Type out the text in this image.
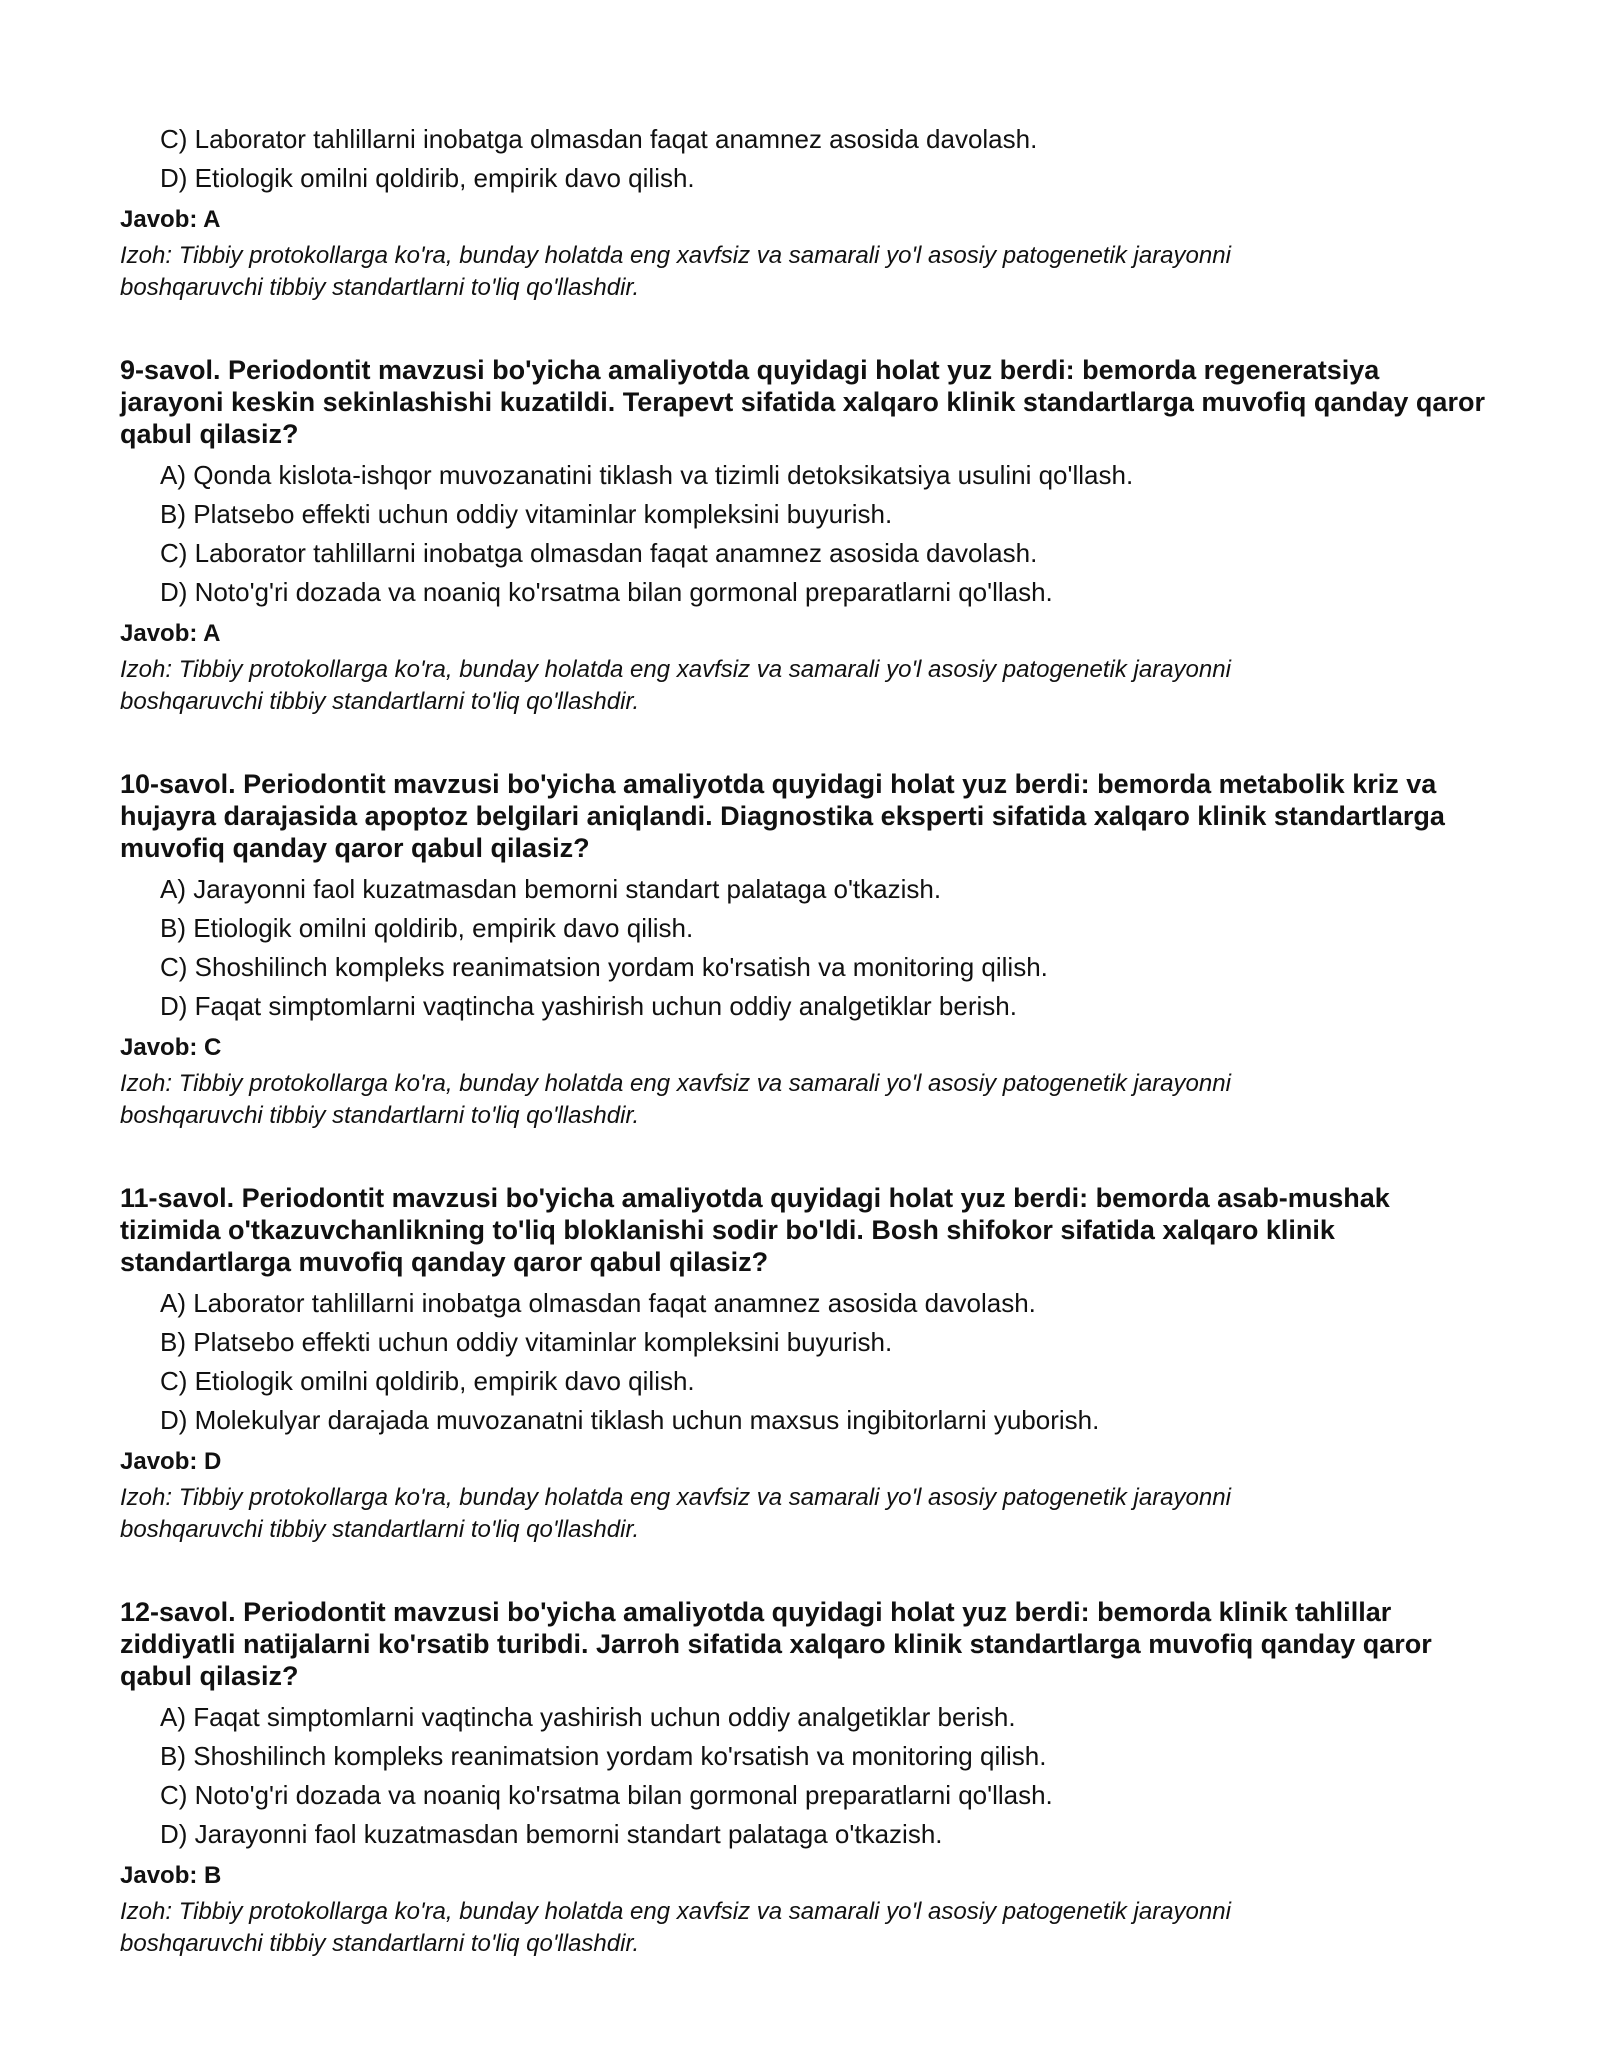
C) Laborator tahlillarni inobatga olmasdan faqat anamnez asosida davolash.
D) Etiologik omilni qoldirib, empirik davo qilish.
Javob: A
Izoh: Tibbiy protokollarga ko'ra, bunday holatda eng xavfsiz va samarali yo'l asosiy patogenetik jarayonni
boshqaruvchi tibbiy standartlarni to'liq qo'llashdir.

9-savol. Periodontit mavzusi bo'yicha amaliyotda quyidagi holat yuz berdi: bemorda regeneratsiya jarayoni keskin sekinlashishi kuzatildi. Terapevt sifatida xalqaro klinik standartlarga muvofiq qanday qaror qabul qilasiz?

A) Qonda kislota-ishqor muvozanatini tiklash va tizimli detoksikatsiya usulini qo'llash.
B) Platsebo effekti uchun oddiy vitaminlar kompleksini buyurish.
C) Laborator tahlillarni inobatga olmasdan faqat anamnez asosida davolash.
D) Noto'g'ri dozada va noaniq ko'rsatma bilan gormonal preparatlarni qo'llash.
Javob: A
Izoh: Tibbiy protokollarga ko'ra, bunday holatda eng xavfsiz va samarali yo'l asosiy patogenetik jarayonni
boshqaruvchi tibbiy standartlarni to'liq qo'llashdir.

10-savol. Periodontit mavzusi bo'yicha amaliyotda quyidagi holat yuz berdi: bemorda metabolik kriz va hujayra darajasida apoptoz belgilari aniqlandi. Diagnostika eksperti sifatida xalqaro klinik standartlarga muvofiq qanday qaror qabul qilasiz?

A) Jarayonni faol kuzatmasdan bemorni standart palataga o'tkazish.
B) Etiologik omilni qoldirib, empirik davo qilish.
C) Shoshilinch kompleks reanimatsion yordam ko'rsatish va monitoring qilish.
D) Faqat simptomlarni vaqtincha yashirish uchun oddiy analgetiklar berish.
Javob: C
Izoh: Tibbiy protokollarga ko'ra, bunday holatda eng xavfsiz va samarali yo'l asosiy patogenetik jarayonni
boshqaruvchi tibbiy standartlarni to'liq qo'llashdir.

11-savol. Periodontit mavzusi bo'yicha amaliyotda quyidagi holat yuz berdi: bemorda asab-mushak tizimida o'tkazuvchanlikning to'liq bloklanishi sodir bo'ldi. Bosh shifokor sifatida xalqaro klinik standartlarga muvofiq qanday qaror qabul qilasiz?

A) Laborator tahlillarni inobatga olmasdan faqat anamnez asosida davolash.
B) Platsebo effekti uchun oddiy vitaminlar kompleksini buyurish.
C) Etiologik omilni qoldirib, empirik davo qilish.
D) Molekulyar darajada muvozanatni tiklash uchun maxsus ingibitorlarni yuborish.
Javob: D
Izoh: Tibbiy protokollarga ko'ra, bunday holatda eng xavfsiz va samarali yo'l asosiy patogenetik jarayonni
boshqaruvchi tibbiy standartlarni to'liq qo'llashdir.

12-savol. Periodontit mavzusi bo'yicha amaliyotda quyidagi holat yuz berdi: bemorda klinik tahlillar ziddiyatli natijalarni ko'rsatib turibdi. Jarroh sifatida xalqaro klinik standartlarga muvofiq qanday qaror qabul qilasiz?

A) Faqat simptomlarni vaqtincha yashirish uchun oddiy analgetiklar berish.
B) Shoshilinch kompleks reanimatsion yordam ko'rsatish va monitoring qilish.
C) Noto'g'ri dozada va noaniq ko'rsatma bilan gormonal preparatlarni qo'llash.
D) Jarayonni faol kuzatmasdan bemorni standart palataga o'tkazish.
Javob: B
Izoh: Tibbiy protokollarga ko'ra, bunday holatda eng xavfsiz va samarali yo'l asosiy patogenetik jarayonni
boshqaruvchi tibbiy standartlarni to'liq qo'llashdir.
